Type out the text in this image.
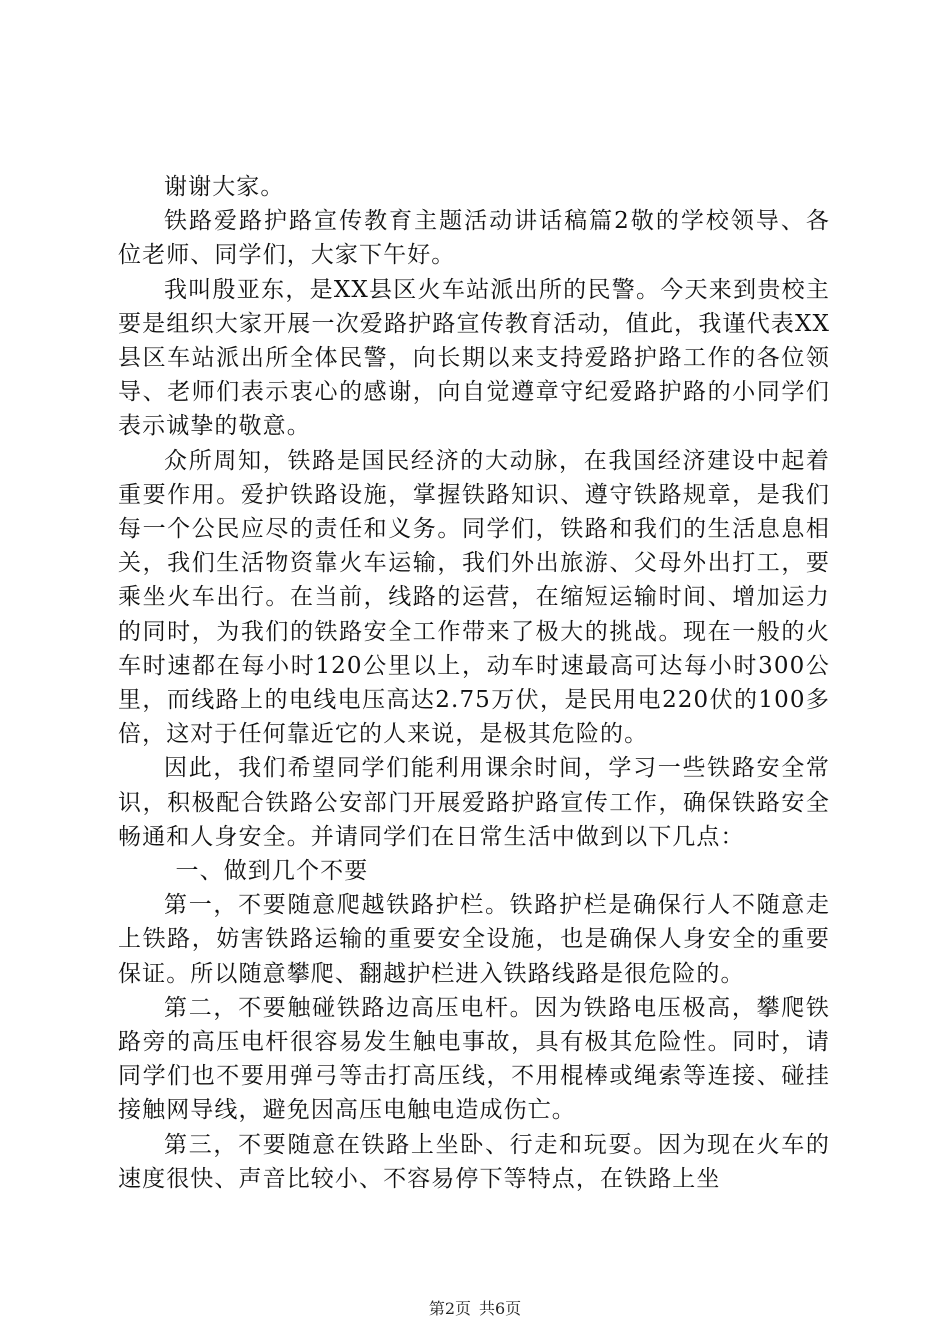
谢谢大家。

铁路爱路护路宣传教育主题活动讲话稿篇2敬的学校领导、各位老师、同学们，大家下午好。

我叫殷亚东，是XX县区火车站派出所的民警。今天来到贵校主要是组织大家开展一次爱路护路宣传教育活动，值此，我谨代表XX县区车站派出所全体民警，向长期以来支持爱路护路工作的各位领导、老师们表示衷心的感谢，向自觉遵章守纪爱路护路的小同学们表示诚挚的敬意。

众所周知，铁路是国民经济的大动脉，在我国经济建设中起着重要作用。爱护铁路设施，掌握铁路知识、遵守铁路规章，是我们每一个公民应尽的责任和义务。同学们，铁路和我们的生活息息相关，我们生活物资靠火车运输，我们外出旅游、父母外出打工，要乘坐火车出行。在当前，线路的运营，在缩短运输时间、增加运力的同时，为我们的铁路安全工作带来了极大的挑战。现在一般的火车时速都在每小时120公里以上，动车时速最高可达每小时300公里，而线路上的电线电压高达2.75万伏，是民用电220伏的100多倍，这对于任何靠近它的人来说，是极其危险的。

因此，我们希望同学们能利用课余时间，学习一些铁路安全常识，积极配合铁路公安部门开展爱路护路宣传工作，确保铁路安全畅通和人身安全。并请同学们在日常生活中做到以下几点：

一、做到几个不要

第一，不要随意爬越铁路护栏。铁路护栏是确保行人不随意走上铁路，妨害铁路运输的重要安全设施，也是确保人身安全的重要保证。所以随意攀爬、翻越护栏进入铁路线路是很危险的。

第二，不要触碰铁路边高压电杆。因为铁路电压极高，攀爬铁路旁的高压电杆很容易发生触电事故，具有极其危险性。同时，请同学们也不要用弹弓等击打高压线，不用棍棒或绳索等连接、碰挂接触网导线，避免因高压电触电造成伤亡。

第三，不要随意在铁路上坐卧、行走和玩耍。因为现在火车的速度很快、声音比较小、不容易停下等特点，在铁路上坐

第2页 共6页
